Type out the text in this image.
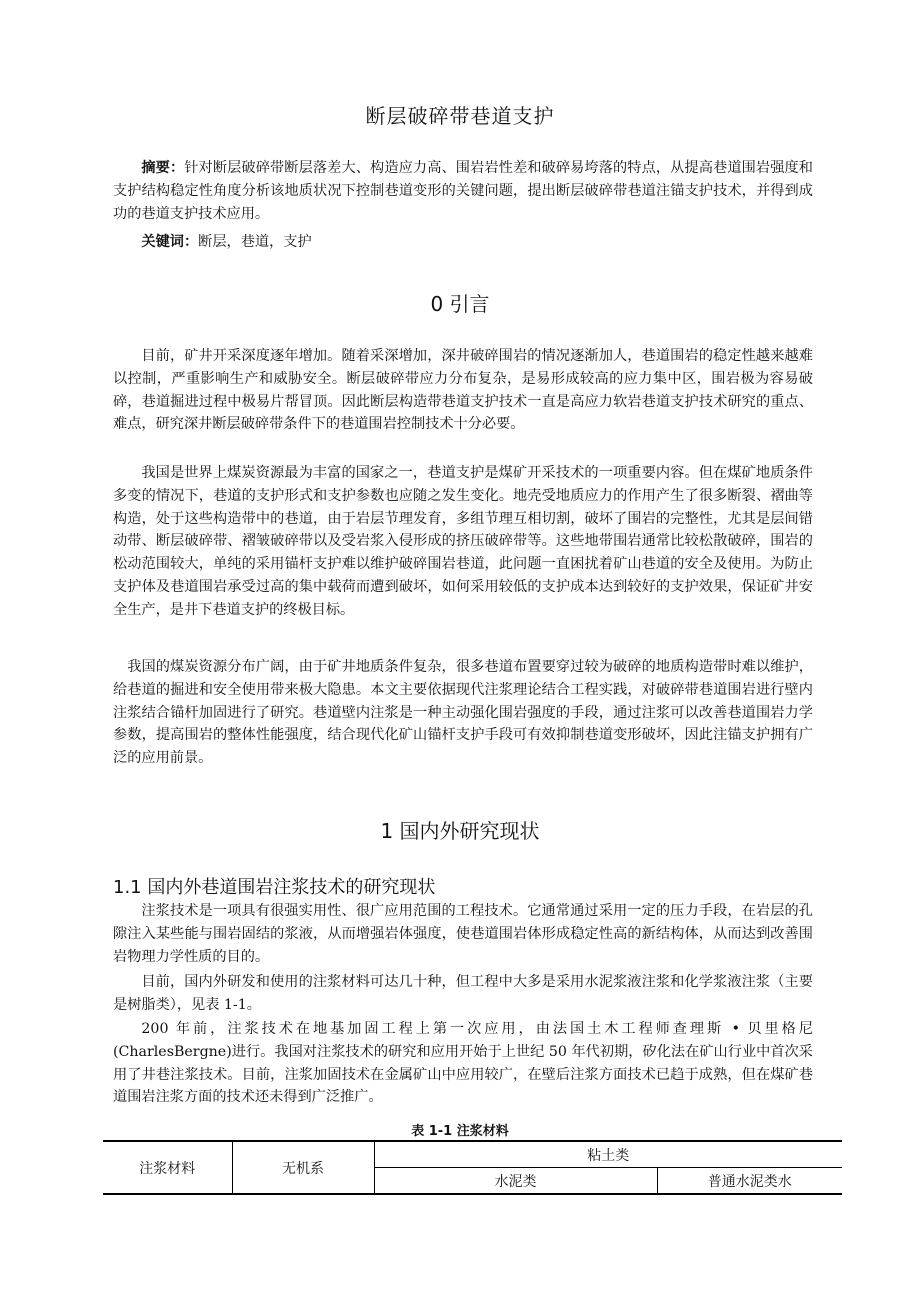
断层破碎带巷道支护

摘要：针对断层破碎带断层落差大、构造应力高、围岩岩性差和破碎易垮落的特点，从提高巷道围岩强度和支护结构稳定性角度分析该地质状况下控制巷道变形的关键问题，提出断层破碎带巷道注锚支护技术，并得到成功的巷道支护技术应用。

关键词：断层，巷道，支护

0 引言

目前，矿井开采深度逐年增加。随着采深增加，深井破碎围岩的情况逐渐加人，巷道围岩的稳定性越来越难以控制，严重影响生产和威胁安全。断层破碎带应力分布复杂，是易形成较高的应力集中区，围岩极为容易破碎，巷道掘进过程中极易片帮冒顶。因此断层构造带巷道支护技术一直是高应力软岩巷道支护技术研究的重点、难点，研究深井断层破碎带条件下的巷道围岩控制技术十分必要。

我国是世界上煤炭资源最为丰富的国家之一，巷道支护是煤矿开采技术的一项重要内容。但在煤矿地质条件多变的情况下，巷道的支护形式和支护参数也应随之发生变化。地壳受地质应力的作用产生了很多断裂、褶曲等构造，处于这些构造带中的巷道，由于岩层节理发育，多组节理互相切割，破坏了围岩的完整性，尤其是层间错动带、断层破碎带、褶皱破碎带以及受岩浆入侵形成的挤压破碎带等。这些地带围岩通常比较松散破碎，围岩的松动范围较大，单纯的采用锚杆支护难以维护破碎围岩巷道，此问题一直困扰着矿山巷道的安全及使用。为防止支护体及巷道围岩承受过高的集中载荷而遭到破坏，如何采用较低的支护成本达到较好的支护效果，保证矿井安全生产，是井下巷道支护的终极目标。

我国的煤炭资源分布广阔，由于矿井地质条件复杂，很多巷道布置要穿过较为破碎的地质构造带时难以维护，给巷道的掘进和安全使用带来极大隐患。本文主要依据现代注浆理论结合工程实践，对破碎带巷道围岩进行壁内注浆结合锚杆加固进行了研究。巷道壁内注浆是一种主动强化围岩强度的手段，通过注浆可以改善巷道围岩力学参数，提高围岩的整体性能强度，结合现代化矿山锚杆支护手段可有效抑制巷道变形破坏，因此注锚支护拥有广泛的应用前景。

1 国内外研究现状
1.1 国内外巷道围岩注浆技术的研究现状

注浆技术是一项具有很强实用性、很广应用范围的工程技术。它通常通过采用一定的压力手段，在岩层的孔隙注入某些能与围岩固结的浆液，从而增强岩体强度，使巷道围岩体形成稳定性高的新结构体，从而达到改善围岩物理力学性质的目的。

目前，国内外研发和使用的注浆材料可达几十种，但工程中大多是采用水泥浆液注浆和化学浆液注浆（主要是树脂类），见表 1-1。

200 年前，注浆技术在地基加固工程上第一次应用，由法国土木工程师查理斯 • 贝里格尼(CharlesBergne)进行。我国对注浆技术的研究和应用开始于上世纪 50 年代初期，矽化法在矿山行业中首次采用了井巷注浆技术。目前，注浆加固技术在金属矿山中应用较广，在壁后注浆方面技术已趋于成熟，但在煤矿巷道围岩注浆方面的技术还未得到广泛推广。

表 1-1 注浆材料
注浆材料	无机系	粘土类	
		水泥类	普通水泥类水
